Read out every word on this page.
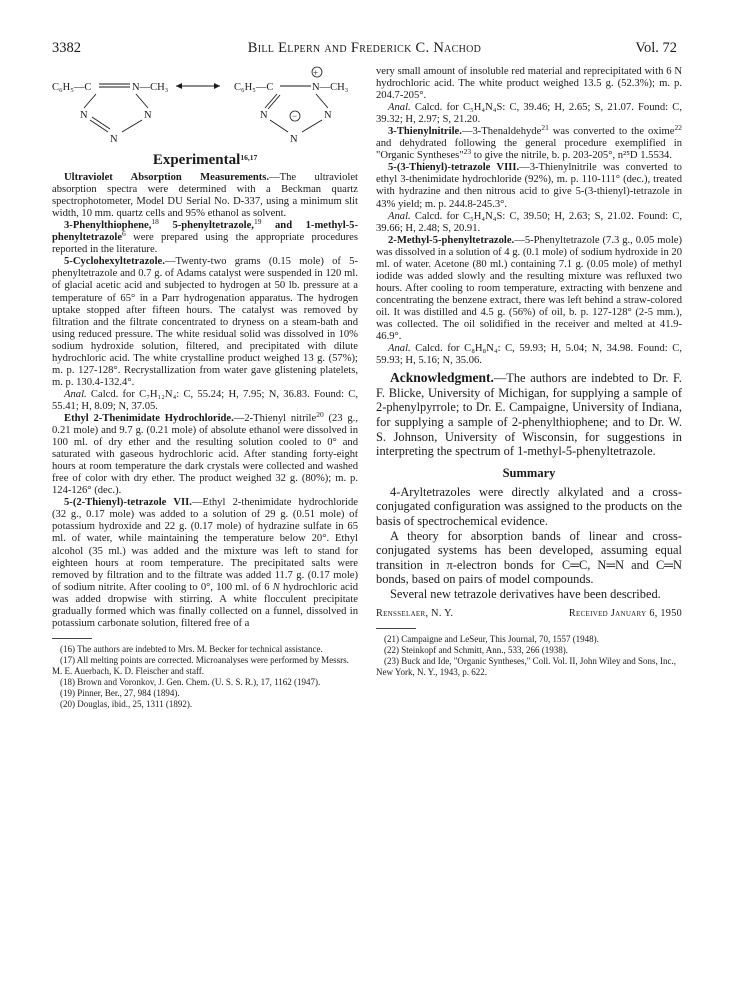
3382	Bill Elpern and Frederick C. Nachod	Vol. 72
C₆H₅—C	N—CH₃
N	N
N
C₆H₅—C	N—CH₃
+
N	N
−
N
Experimental$^{16,17}$

Ultraviolet Absorption Measurements.—The ultraviolet absorption spectra were determined with a Beckman quartz spectrophotometer, Model DU Serial No. D-337, using a minimum slit width, 10 mm. quartz cells and 95% ethanol as solvent.

3-Phenylthiophene,$^{18}$ 5-phenyltetrazole,$^{19}$ and 1-methyl-5-phenyltetrazole$^6$ were prepared using the appropriate procedures reported in the literature.

5-Cyclohexyltetrazole.—Twenty-two grams (0.15 mole) of 5-phenyltetrazole and 0.7 g. of Adams catalyst were suspended in 120 ml. of glacial acetic acid and subjected to hydrogen at 50 lb. pressure at a temperature of 65° in a Parr hydrogenation apparatus. The hydrogen uptake stopped after fifteen hours. The catalyst was removed by filtration and the filtrate concentrated to dryness on a steam-bath and using reduced pressure. The white residual solid was dissolved in 10% sodium hydroxide solution, filtered, and precipitated with dilute hydrochloric acid. The white crystalline product weighed 13 g. (57%); m. p. 127-128°. Recrystallization from water gave glistening platelets, m. p. 130.4-132.4°.

Anal. Calcd. for C₇H₁₂N₄: C, 55.24; H, 7.95; N, 36.83. Found: C, 55.41; H, 8.09; N, 37.05.

Ethyl 2-Thenimidate Hydrochloride.—2-Thienyl nitrile$^{20}$ (23 g., 0.21 mole) and 9.7 g. (0.21 mole) of absolute ethanol were dissolved in 100 ml. of dry ether and the resulting solution cooled to 0° and saturated with gaseous hydrochloric acid. After standing forty-eight hours at room temperature the dark crystals were collected and washed free of color with dry ether. The product weighed 32 g. (80%); m. p. 124-126° (dec.).

5-(2-Thienyl)-tetrazole VII.—Ethyl 2-thenimidate hydrochloride (32 g., 0.17 mole) was added to a solution of 29 g. (0.51 mole) of potassium hydroxide and 22 g. (0.17 mole) of hydrazine sulfate in 65 ml. of water, while maintaining the temperature below 20°. Ethyl alcohol (35 ml.) was added and the mixture was left to stand for eighteen hours at room temperature. The precipitated salts were removed by filtration and to the filtrate was added 11.7 g. (0.17 mole) of sodium nitrite. After cooling to 0°, 100 ml. of 6 N hydrochloric acid was added dropwise with stirring. A white flocculent precipitate gradually formed which was finally collected on a funnel, dissolved in potassium carbonate solution, filtered free of a

(16) The authors are indebted to Mrs. M. Becker for technical assistance.

(17) All melting points are corrected. Microanalyses were performed by Messrs. M. E. Auerbach, K. D. Fleischer and staff.

(18) Brown and Voronkov, J. Gen. Chem. (U. S. S. R.), 17, 1162 (1947).

(19) Pinner, Ber., 27, 984 (1894).

(20) Douglas, ibid., 25, 1311 (1892).

very small amount of insoluble red material and reprecipitated with 6 N hydrochloric acid. The white product weighed 13.5 g. (52.3%); m. p. 204.7-205°.

Anal. Calcd. for C₅H₄N₄S: C, 39.46; H, 2.65; S, 21.07. Found: C, 39.32; H, 2.97; S, 21.20.

3-Thienylnitrile.—3-Thenaldehyde$^{21}$ was converted to the oxime$^{22}$ and dehydrated following the general procedure exemplified in "Organic Syntheses"$^{23}$ to give the nitrile, b. p. 203-205°, n²⁵D 1.5534.

5-(3-Thienyl)-tetrazole VIII.—3-Thienylnitrile was converted to ethyl 3-thenimidate hydrochloride (92%), m. p. 110-111° (dec.), treated with hydrazine and then nitrous acid to give 5-(3-thienyl)-tetrazole in 43% yield; m. p. 244.8-245.3°.

Anal. Calcd. for C₅H₄N₄S: C, 39.50; H, 2.63; S, 21.02. Found: C, 39.66; H, 2.48; S, 20.91.

2-Methyl-5-phenyltetrazole.—5-Phenyltetrazole (7.3 g., 0.05 mole) was dissolved in a solution of 4 g. (0.1 mole) of sodium hydroxide in 20 ml. of water. Acetone (80 ml.) containing 7.1 g. (0.05 mole) of methyl iodide was added slowly and the resulting mixture was refluxed two hours. After cooling to room temperature, extracting with benzene and concentrating the benzene extract, there was left behind a straw-colored oil. It was distilled and 4.5 g. (56%) of oil, b. p. 127-128° (2-5 mm.), was collected. The oil solidified in the receiver and melted at 41.9-46.9°.

Anal. Calcd. for C₈H₈N₄: C, 59.93; H, 5.04; N, 34.98. Found: C, 59.93; H, 5.16; N, 35.06.

Acknowledgment.—The authors are indebted to Dr. F. F. Blicke, University of Michigan, for supplying a sample of 2-phenylpyrrole; to Dr. E. Campaigne, University of Indiana, for supplying a sample of 2-phenylthiophene; and to Dr. W. S. Johnson, University of Wisconsin, for suggestions in interpreting the spectrum of 1-methyl-5-phenyltetrazole.

Summary

4-Aryltetrazoles were directly alkylated and a cross-conjugated configuration was assigned to the products on the basis of spectrochemical evidence.

A theory for absorption bands of linear and cross-conjugated systems has been developed, assuming equal transition in π-electron bonds for C═C, N═N and C═N bonds, based on pairs of model compounds.

Several new tetrazole derivatives have been described.

Rensselaer, N. Y.	Received January 6, 1950

(21) Campaigne and LeSeur, This Journal, 70, 1557 (1948).

(22) Steinkopf and Schmitt, Ann., 533, 266 (1938).

(23) Buck and Ide, "Organic Syntheses," Coll. Vol. II, John Wiley and Sons, Inc., New York, N. Y., 1943, p. 622.
